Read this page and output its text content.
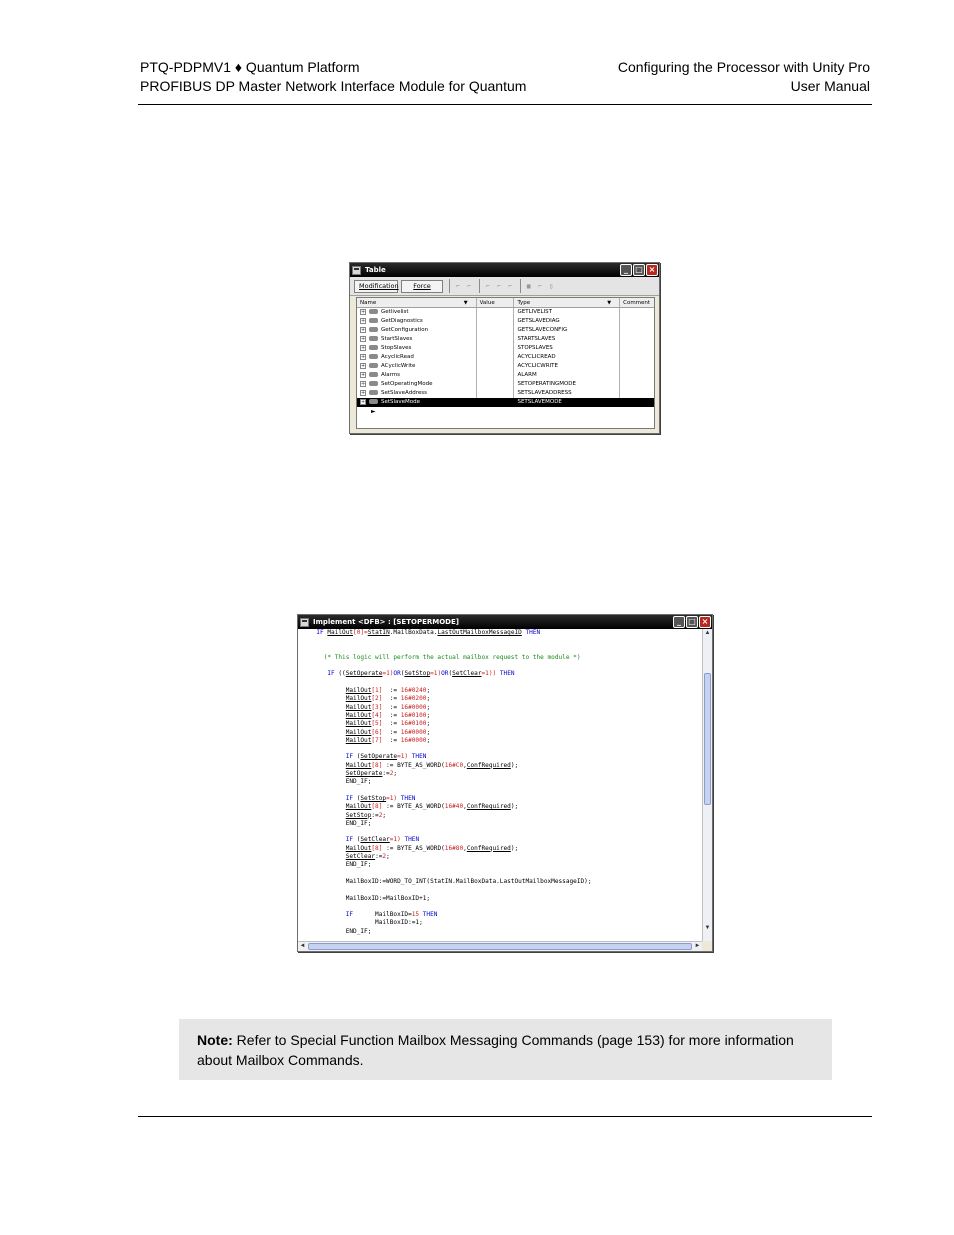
PTQ-PDPMV1 ♦ Quantum Platform
PROFIBUS DP Master Network Interface Module for Quantum
Configuring the Processor with Unity Pro
User Manual
Table	_ □ ×
Modification	Force	⌐ ⌐ ⌐ ⌐ ⌐ ▦ ⌐ ▯
Name	▼	Value	Type	▼	Comment
+	Getlivelist	GETLIVELIST
+	GetDiagnostics	GETSLAVEDIAG
+	GetConfiguration	GETSLAVECONFIG
+	StartSlaves	STARTSLAVES
+	StopSlaves	STOPSLAVES
+	AcyclicRead	ACYCLICREAD
+	ACyclicWrite	ACYCLICWRITE
+	Alarms	ALARM
+	SetOperatingMode	SETOPERATINGMODE
+	SetSlaveAddress	SETSLAVEADDRESS
+	SetSlaveMode	SETSLAVEMODE
►
Implement <DFB> : [SETOPERMODE]	_ □ ×
IF MailOut[0]=StatIN.MailBoxData.LastOutMailboxMessageID THEN
(* This logic will perform the actual mailbox request to the module *)
IF ((SetOperate=1)OR(SetStop=1)OR(SetClear=1)) THEN
MailOut[1]  := 16#0240;
MailOut[2]  := 16#0200;
MailOut[3]  := 16#0000;
MailOut[4]  := 16#0100;
MailOut[5]  := 16#0100;
MailOut[6]  := 16#0000;
MailOut[7]  := 16#0000;
IF (SetOperate=1) THEN
MailOut[8] := BYTE_AS_WORD(16#C0,ConfRequired);
SetOperate:=2;
END_IF;
IF (SetStop=1) THEN
MailOut[8] := BYTE_AS_WORD(16#40,ConfRequired);
SetStop:=2;
END_IF;
IF (SetClear=1) THEN
MailOut[8] := BYTE_AS_WORD(16#80,ConfRequired);
SetClear:=2;
END_IF;
MailBoxID:=WORD_TO_INT(StatIN.MailBoxData.LastOutMailboxMessageID);
MailBoxID:=MailBoxID+1;
IF      MailBoxID=15 THEN
MailBoxID:=1;
END_IF;
▲
▼
◄	►
Note: Refer to Special Function Mailbox Messaging Commands (page 153) for more information about Mailbox Commands.
